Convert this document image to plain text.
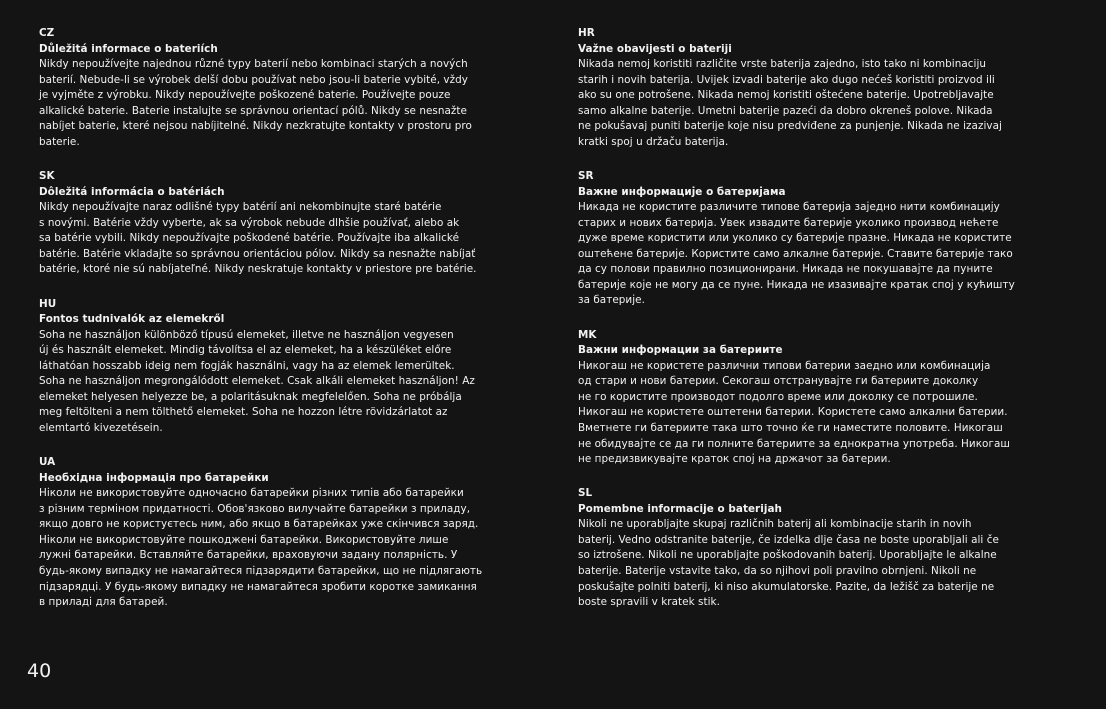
CZ
Důležitá informace o bateriích

Nikdy nepoužívejte najednou různé typy baterií nebo kombinaci starých a nových

baterií. Nebude-li se výrobek delší dobu používat nebo jsou-li baterie vybité, vždy

je vyjměte z výrobku. Nikdy nepoužívejte poškozené baterie. Používejte pouze

alkalické baterie. Baterie instalujte se správnou orientací pólů. Nikdy se nesnažte

nabíjet baterie, které nejsou nabíjitelné. Nikdy nezkratujte kontakty v prostoru pro

baterie.

SK
Dôležitá informácia o batériách

Nikdy nepoužívajte naraz odlišné typy batérií ani nekombinujte staré batérie

s novými. Batérie vždy vyberte, ak sa výrobok nebude dlhšie používať, alebo ak

sa batérie vybili. Nikdy nepoužívajte poškodené batérie. Používajte iba alkalické

batérie. Batérie vkladajte so správnou orientáciou pólov. Nikdy sa nesnažte nabíjať

batérie, ktoré nie sú nabíjateľné. Nikdy neskratuje kontakty v priestore pre batérie.

HU
Fontos tudnivalók az elemekről

Soha ne használjon különböző típusú elemeket, illetve ne használjon vegyesen

új és használt elemeket. Mindig távolítsa el az elemeket, ha a készüléket előre

láthatóan hosszabb ideig nem fogják használni, vagy ha az elemek lemerültek.

Soha ne használjon megrongálódott elemeket. Csak alkáli elemeket használjon! Az

elemeket helyesen helyezze be, a polaritásuknak megfelelően. Soha ne próbálja

meg feltölteni a nem tölthető elemeket. Soha ne hozzon létre rövidzárlatot az

elemtartó kivezetésein.

UA
Необхідна інформація про батарейки

Ніколи не використовуйте одночасно батарейки різних типів або батарейки

з різним терміном придатності. Обов'язково вилучайте батарейки з приладу,

якщо довго не користуєтесь ним, або якщо в батарейках уже скінчився заряд.

Ніколи не використовуйте пошкоджені батарейки. Використовуйте лише

лужні батарейки. Вставляйте батарейки, враховуючи задану полярність. У

будь-якому випадку не намагайтеся підзарядити батарейки, що не підлягають

підзарядці. У будь-якому випадку не намагайтеся зробити коротке замикання

в приладі для батарей.

HR
Važne obavijesti o bateriji

Nikada nemoj koristiti različite vrste baterija zajedno, isto tako ni kombinaciju

starih i novih baterija. Uvijek izvadi baterije ako dugo nećeš koristiti proizvod ili

ako su one potrošene. Nikada nemoj koristiti oštećene baterije. Upotrebljavajte

samo alkalne baterije. Umetni baterije pazeći da dobro okreneš polove. Nikada

ne pokušavaj puniti baterije koje nisu predviđene za punjenje. Nikada ne izazivaj

kratki spoj u držaču baterija.

SR
Важне информације о батеријама

Никада не користите различите типове батерија заједно нити комбинацију

старих и нових батерија. Увек извадите батерије уколико производ нећете

дуже време користити или уколико су батерије празне. Никада не користите

оштећене батерије. Користите само алкалне батерије. Ставите батерије тако

да су полови правилно позиционирани. Никада не покушавајте да пуните

батерије које не могу да се пуне. Никада не изазивајте кратак спој у кућишту

за батерије.

MK
Важни информации за батериите

Никогаш не користете различни типови батерии заедно или комбинација

од стари и нови батерии. Секогаш отстранувајте ги батериите доколку

не го користите производот подолго време или доколку се потрошиле.

Никогаш не користете оштетени батерии. Користете само алкални батерии.

Вметнете ги батериите така што точно ќе ги наместите половите. Никогаш

не обидувајте се да ги полните батериите за еднократна употреба. Никогаш

не предизвикувајте краток спој на држачот за батерии.

SL
Pomembne informacije o baterijah

Nikoli ne uporabljajte skupaj različnih baterij ali kombinacije starih in novih

baterij. Vedno odstranite baterije, če izdelka dlje časa ne boste uporabljali ali če

so iztrošene. Nikoli ne uporabljajte poškodovanih baterij. Uporabljajte le alkalne

baterije. Baterije vstavite tako, da so njihovi poli pravilno obrnjeni. Nikoli ne

poskušajte polniti baterij, ki niso akumulatorske. Pazite, da ležišč za baterije ne

boste spravili v kratek stik.

40
